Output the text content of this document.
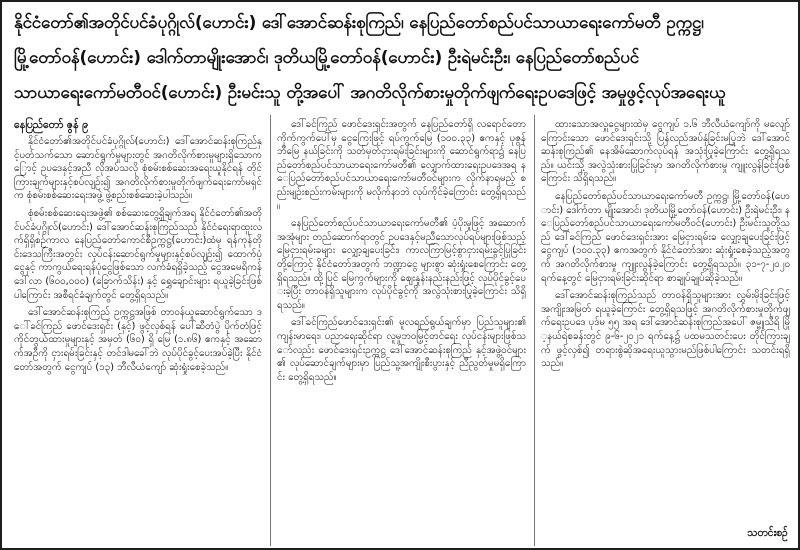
နိုင်ငံတော်၏အတိုင်ပင်ခံပုဂ္ဂိုလ်(ဟောင်း) ဒေါ်အောင်ဆန်းစုကြည်၊ နေပြည်တော်စည်ပင်သာယာရေးကော်မတီ ဥက္ကဋ္ဌ၊
မြို့တော်ဝန်(ဟောင်း) ဒေါက်တာမျိုးအောင်၊ ဒုတိယမြို့တော်ဝန်(ဟောင်း) ဦးရဲမင်းဦး၊ နေပြည်တော်စည်ပင်
သာယာရေးကော်မတီဝင်(ဟောင်း) ဦးမင်းသူ တို့အပေါ် အဂတိလိုက်စားမှုတိုက်ဖျက်ရေးဥပဒေဖြင့် အမှုဖွင့်လုပ်အရေးယူ

နေပြည်တော် ဇွန် ၉

နိုင်ငံတော်၏အတိုင်ပင်ခံပုဂ္ဂိုလ်(ဟောင်း) ဒေါ်အောင်ဆန်းစုကြည်နှင့်ပတ်သက်သော ဆောင်ရွက်မှုများတွင် အဂတိလိုက်စားမှုများရှိသောကြောင့် ဥပဒေနှင့်အညီ လိုအပ်သလို စုံစမ်းစစ်ဆေးအရေးယူနိုင်ရန် တိုင်ကြားချက်များနှင့်စပ်လျဉ်း၍ အဂတိလိုက်စားမှုတိုက်ဖျက်ရေးကော်မရှင်က စုံစမ်းစစ်ဆေးရေးအဖွဲ့ ဖွဲ့စည်းစစ်ဆေးခဲ့ပါသည်။

စုံစမ်းစစ်ဆေးရေးအဖွဲ့၏ စစ်ဆေးတွေ့ရှိချက်အရ နိုင်ငံတော်၏အတိုင်ပင်ခံပုဂ္ဂိုလ်(ဟောင်း) ဒေါ်အောင်ဆန်းစုကြည်သည် နိုင်ငံရေးရာထူးလက်ရှိရှိစဉ်ကာလ နေပြည်တော်ကောင်စီဥက္ကဋ္ဌ(ဟောင်း)ထံမှ ရန်ကုန်တိုင်းဒေသကြီးအတွင်း လုပ်ငန်းဆောင်ရွက်မှုများနှင့်စပ်လျဉ်း၍ ထောက်ပံ့ငွေနှင့် ကာကွယ်ရေးရန်ပုံငွေဖြစ်သော လက်ခံရရှိခဲ့သည့် ငွေအမေရိကန်ဒေါ်လာ (၆၀၀,၀၀၀) (ခြောက်သိန်း) နှင့် ရွှေချောင်းများ ရယူခဲ့ခြင်းဖြစ်ပါကြောင်း အစီရင်ခံချက်တွင် တွေ့ရှိရသည်။

ဒေါ်အောင်ဆန်းစုကြည် ဥက္ကဋ္ဌအဖြစ် တာဝန်ယူဆောင်ရွက်သော ဒေါ်ခင်ကြည် ဖောင်ဒေးရှင်း (နှင့်) ဖွင့်လှစ်ရန် ပေါ်ဆီတံပွဲ ပိုက်တံဖြင့်ကိုင်တွယ်ထားမှုများနှင့် အမှတ် (၆၀) ရှိ မြေ (၁.၈၆) ဧကနှင့် အဆောက်အဦကို ငှားရမ်းခြင်းနှင့် တင်ဒါမခေါ်ဘဲ လုပ်ပိုင်ခွင့်ပေးအပ်ခဲ့ပြီး နိုင်ငံတော်အတွက် ငွေကျပ် (၁၃) ဘီလီယံကျော် ဆုံးရှုံးစေခဲ့သည်။

ဒေါ်ခင်ကြည် ဖောင်ဒေးရှင်းအတွက် နေပြည်တော်ရှိ လရောင်တော ကိုက်ကွက်ပေါ်မှ ငွေကြေးဖြင့် ရပ်ကွက်မြေ (၁၀၀.၃၃) ဧကနှင့် ပုဇွန်ဘီမြေ နယ်ခြင်းကို သတ်မှတ်ငှားရမ်းခြင်းများကို ဆောင်ရွက်ရာ၌ နေပြည်တော်စည်ပင်သာယာရေးကော်မတီ၏ လျှောက်ထားရေးဥပဒေအရ နေပြည်တော်စည်ပင်သာယာရေးကော်မတီဝင်များက လိုက်နာရမည့် စည်းမျဉ်းစည်းကမ်းများကို မလိုက်နာဘဲ လုပ်ကိုင်ခဲ့ကြောင်း တွေ့ရှိရသည်။

နေပြည်တော်စည်ပင်သာယာရေးကော်မတီ၏ ပံ့ပိုးမှုဖြင့် အဆောက်အအုံများ တည်ဆောက်ရာတွင် ဥပဒေနှင့်မညီသောလုပ်ရပ်များဖြစ်သည့် မြေငှားရမ်းခများ လျှော့ချပေးခြင်း၊ ကာလကြာမြင့်စွာငှားရမ်းခွင့်ပြုခြင်းတို့ကြောင့် နိုင်ငံတော်အတွက် ဘဏ္ဍာငွေ များစွာ ဆုံးရှုံးစေကြောင်း တွေ့ရှိရသည်။ ထို့ပြင် မြေကွက်များကို ဈေးနှုန်းနည်းနည်းဖြင့် လုပ်ပိုင်ခွင့်ပေးခဲ့ပြီး တာဝန်ရှိသူများက လုပ်ပိုင်ခွင့်ကို အလွဲသုံးစားပြုခဲ့ကြောင်း သိရှိရသည်။

ဒေါ်ခင်ကြည်ဖောင်ဒေးရှင်း၏ မူလရည်ရွယ်ချက်မှာ ပြည်သူများ၏ ကျန်းမာရေး၊ ပညာရေးဆိုင်ရာ လူမှုဘဝမြှင့်တင်ရေး လုပ်ငန်းများဖြစ်သော်လည်း ဖောင်ဒေးရှင်းဥက္ကဋ္ဌ ဒေါ်အောင်ဆန်းစုကြည် နှင့်အဖွဲ့ဝင်များ၏ လုပ်ဆောင်ချက်များမှာ ပြည်သူ့အကျိုးစီးပွားနှင့် ညီညွတ်မှုမရှိကြောင်း တွေ့ရှိရသည်။

ထားသောအလှူငွေများထဲမှ ငွေကျပ် ၁.၆ ဘီလီယံကျော်ကို မလျော်ကြောင်းသော ဖောင်ဒေးရှင်းသို့ ပြန်လည်အပ်နှံခြင်းမပြုဘဲ ဒေါ်အောင်ဆန်းစုကြည်၏ နေအိမ်ဆောက်လုပ်ရန် အသုံးပြုခဲ့ကြောင်း တွေ့ရှိရသည်။ ယင်းသို့ အလွဲသုံးစားပြုခြင်းမှာ အဂတိလိုက်စားမှု ကျူးလွန်ခြင်းဖြစ်ကြောင်း သိရှိရသည်။

နေပြည်တော်စည်ပင်သာယာရေးကော်မတီ ဥက္ကဋ္ဌ၊ မြို့တော်ဝန်(ဟောင်း) ဒေါက်တာ မျိုးအောင်၊ ဒုတိယမြို့တော်ဝန်(ဟောင်း) ဦးရဲမင်းဦး၊ နေပြည်တော်စည်ပင်သာယာရေးကော်မတီဝင်(ဟောင်း) ဦးမင်းသူတို့သည် ဒေါ်ခင်ကြည် ဖောင်ဒေးရှင်းအား မြေငှားရမ်းခ လျှော့ချပေးခြင်းဖြင့် ငွေကျပ် (၁၀၀.၃၃) ဧကအတွက် နိုင်ငံတော်အား ဆုံးရှုံးစေခဲ့သည့်အတွက် အဂတိလိုက်စားမှု ကျူးလွန်ခဲ့ကြောင်း တွေ့ရှိရသည်။ ၃၁-၇-၂၀၂၀ ရက်နေ့တွင် မြေငှားရမ်းခြင်းဆိုင်ရာ စာချုပ်ချုပ်ဆိုခဲ့သည်။

ဒေါ်အောင်ဆန်းစုကြည်သည် တာဝန်ရှိသူများအား လွှမ်းမိုးခြင်းဖြင့် အကျိုးအမြတ် ရယူခဲ့ကြောင်း တွေ့ရှိရသဖြင့် အဂတိလိုက်စားမှုတိုက်ဖျက်ရေးဥပဒေ ပုဒ်မ ၅၅ အရ ဒေါ်အောင်ဆန်းစုကြည်အပေါ် ဇမ္ဗူသီရိ မြို့နယ်ရဲစခန်းတွင် ၉-၆-၂၀၂၁ ရက်နေ့၌ ပထမသတင်းပေး တိုင်ကြားချက် ဖွင့်လှစ်၍ တရားစွဲဆိုအရေးယူသွားမည်ဖြစ်ပါကြောင်း သတင်းရရှိသည်။

သတင်းစဉ်
